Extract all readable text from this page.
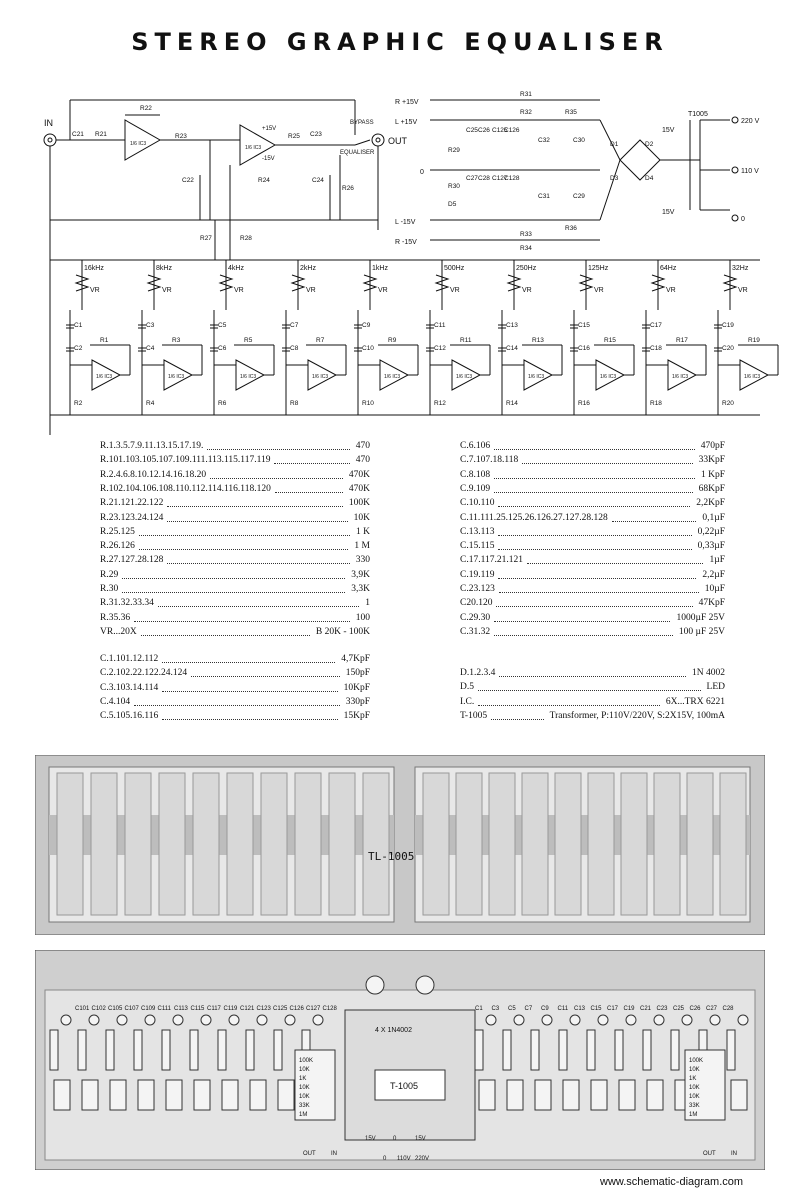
STEREO GRAPHIC EQUALISER
IN
OUT
BYPASS
EQUALISER
R +15V
L +15V
0
L -15V
R -15V
220 V
110 V
0
T1005
15V
15V
+15V
-15V
1/6 IC3
1/6 IC3
C21 R21
R22
R23
C22
R25 C23
C24
R26
R24
R27	R28
R29
R30
D5
C25 C26 C125
C126
C27 C28 C127
C128
R31
R32	R35
C32	C30
R33
R34
R36
C31	C29
D1	D2
D3	D4
16kHz
VR
C1
C2
R1
R2
1/6 IC3
8kHz
VR
C3
C4
R3
R4
1/6 IC3
4kHz
VR
C5
C6
R5
R6
1/6 IC3
2kHz
VR
C7
C8
R7
R8
1/6 IC3
1kHz
VR
C9
C10
R9
R10
1/6 IC3
500Hz
VR
C11
C12
R11
R12
1/6 IC3
250Hz
VR
C13
C14
R13
R14
1/6 IC3
125Hz
VR
C15
C16
R15
R16
1/6 IC3
64Hz
VR
C17
C18
R17
R18
1/6 IC3
32Hz
VR
C19
C20
R19
R20
1/6 IC3
R.1.3.5.7.9.11.13.15.17.19.	470
R.101.103.105.107.109.111.113.115.117.119	470
R.2.4.6.8.10.12.14.16.18.20	470K
R.102.104.106.108.110.112.114.116.118.120	470K
R.21.121.22.122	100K
R.23.123.24.124	10K
R.25.125	1 K
R.26.126	1 M
R.27.127.28.128	330
R.29	3,9K
R.30	3,3K
R.31.32.33.34	1
R.35.36	100
VR...20X	B 20K - 100K
C.1.101.12.112	4,7KpF
C.2.102.22.122.24.124	150pF
C.3.103.14.114	10KpF
C.4.104	330pF
C.5.105.16.116	15KpF
C.6.106	470pF
C.7.107.18.118	33KpF
C.8.108	1 KpF
C.9.109	68KpF
C.10.110	2,2KpF
C.11.111.25.125.26.126.27.127.28.128	0,1µF
C.13.113	0,22µF
C.15.115	0,33µF
C.17.117.21.121	1µF
C.19.119	2,2µF
C.23.123	10µF
C20.120	47KpF
C.29.30	1000µF 25V
C.31.32	100 µF 25V
D.1.2.3.4	1N 4002
D.5	LED
I.C.	6X...TRX 6221
T-1005	Transformer, P:110V/220V, S:2X15V, 100mA
TL-1005
T-1005
4 X 1N4002
C101 C102 C105 C107 C109 C111 C113 C115 C117 C119 C121 C123 C125 C126 C127 C128	C1 C3 C5 C7 C9 C11 C13 C15 C17 C19 C21 C23 C25 C26 C27 C28
100K	100K
10K	10K
1K	1K
10K	10K
10K	10K
33K	33K
1M	1M
OUT	IN	OUT	IN
15V	0	15V
0 110V 220V
www.schematic-diagram.com
